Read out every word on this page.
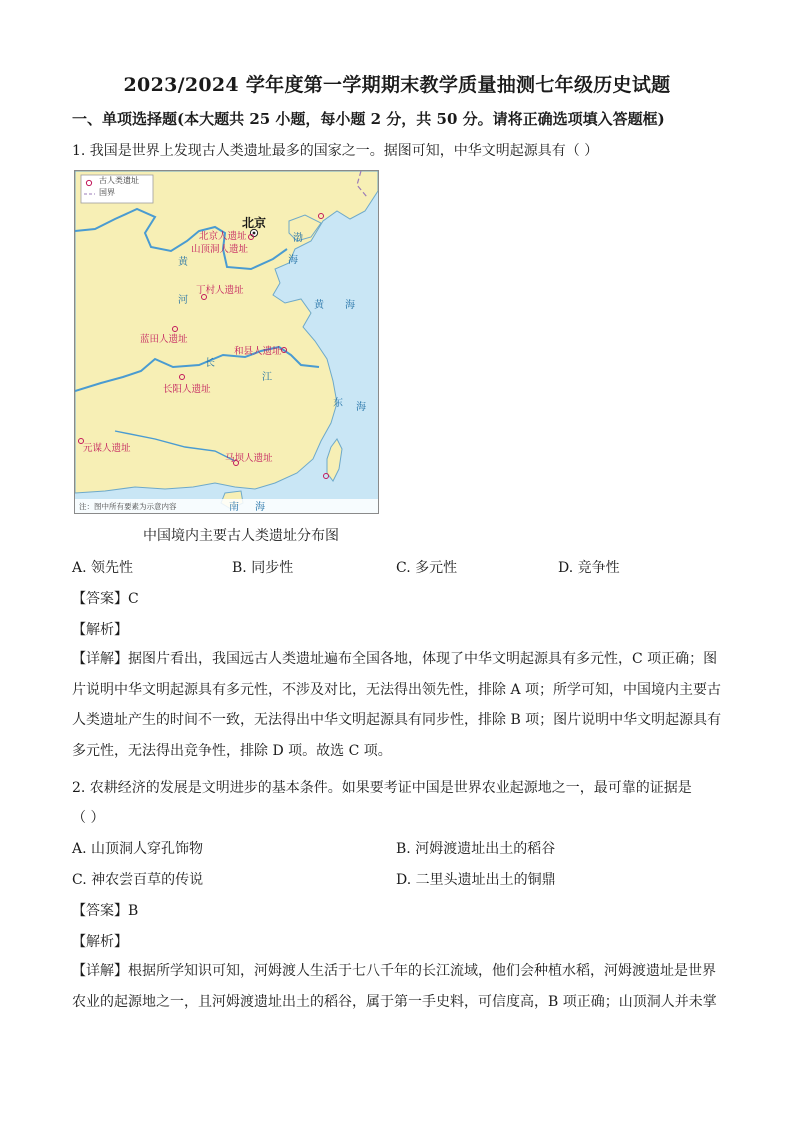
2023/2024 学年度第一学期期末教学质量抽测七年级历史试题
一、单项选择题(本大题共 25 小题，每小题 2 分，共 50 分。请将正确选项填入答题框)
1. 我国是世界上发现古人类遗址最多的国家之一。据图可知，中华文明起源具有（ ）
古人类遗址
国界
北京
北京人遗址
山顶洞人遗址
丁村人遗址
蓝田人遗址
和县人遗址
长阳人遗址
元谋人遗址
马坝人遗址
渤
海
黄 海
东 海
南 海
黄
河
长
江
注：图中所有要素为示意内容
中国境内主要古人类遗址分布图
A. 领先性	B. 同步性	C. 多元性	D. 竞争性
【答案】C
【解析】
【详解】据图片看出，我国远古人类遗址遍布全国各地，体现了中华文明起源具有多元性，C 项正确；图片说明中华文明起源具有多元性，不涉及对比，无法得出领先性，排除 A 项；所学可知，中国境内主要古人类遗址产生的时间不一致，无法得出中华文明起源具有同步性，排除 B 项；图片说明中华文明起源具有多元性，无法得出竞争性，排除 D 项。故选 C 项。
2. 农耕经济的发展是文明进步的基本条件。如果要考证中国是世界农业起源地之一，最可靠的证据是
（ ）
A. 山顶洞人穿孔饰物	B. 河姆渡遗址出土的稻谷
C. 神农尝百草的传说	D. 二里头遗址出土的铜鼎
【答案】B
【解析】
【详解】根据所学知识可知，河姆渡人生活于七八千年的长江流域，他们会种植水稻，河姆渡遗址是世界农业的起源地之一，且河姆渡遗址出土的稻谷，属于第一手史料，可信度高，B 项正确；山顶洞人并未掌
